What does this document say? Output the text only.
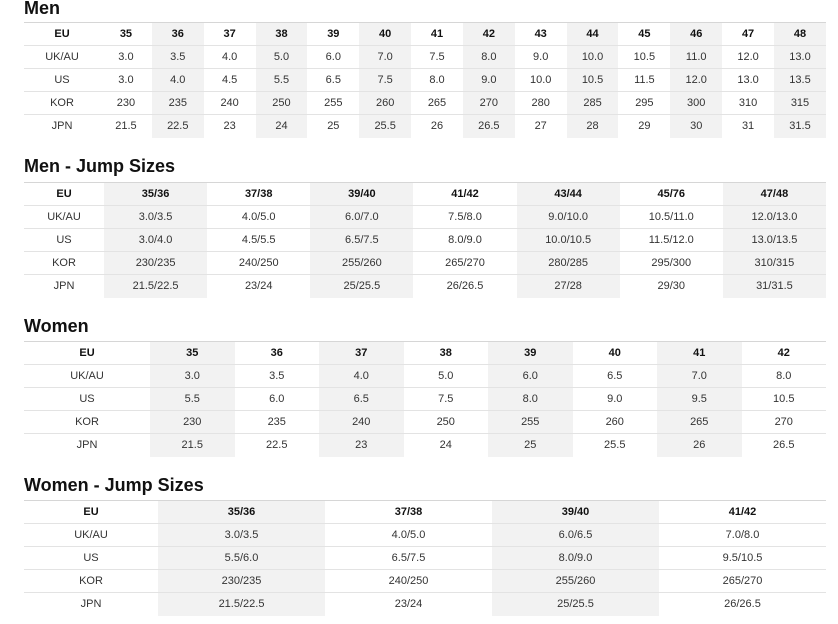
Men
EU	35	36	37	38	39	40	41	42	43	44	45	46	47	48
UK/AU	3.0	3.5	4.0	5.0	6.0	7.0	7.5	8.0	9.0	10.0	10.5	11.0	12.0	13.0
US	3.0	4.0	4.5	5.5	6.5	7.5	8.0	9.0	10.0	10.5	11.5	12.0	13.0	13.5
KOR	230	235	240	250	255	260	265	270	280	285	295	300	310	315
JPN	21.5	22.5	23	24	25	25.5	26	26.5	27	28	29	30	31	31.5
Men - Jump Sizes
EU	35/36	37/38	39/40	41/42	43/44	45/76	47/48
UK/AU	3.0/3.5	4.0/5.0	6.0/7.0	7.5/8.0	9.0/10.0	10.5/11.0	12.0/13.0
US	3.0/4.0	4.5/5.5	6.5/7.5	8.0/9.0	10.0/10.5	11.5/12.0	13.0/13.5
KOR	230/235	240/250	255/260	265/270	280/285	295/300	310/315
JPN	21.5/22.5	23/24	25/25.5	26/26.5	27/28	29/30	31/31.5
Women
EU	35	36	37	38	39	40	41	42
UK/AU	3.0	3.5	4.0	5.0	6.0	6.5	7.0	8.0
US	5.5	6.0	6.5	7.5	8.0	9.0	9.5	10.5
KOR	230	235	240	250	255	260	265	270
JPN	21.5	22.5	23	24	25	25.5	26	26.5
Women - Jump Sizes
EU	35/36	37/38	39/40	41/42
UK/AU	3.0/3.5	4.0/5.0	6.0/6.5	7.0/8.0
US	5.5/6.0	6.5/7.5	8.0/9.0	9.5/10.5
KOR	230/235	240/250	255/260	265/270
JPN	21.5/22.5	23/24	25/25.5	26/26.5
